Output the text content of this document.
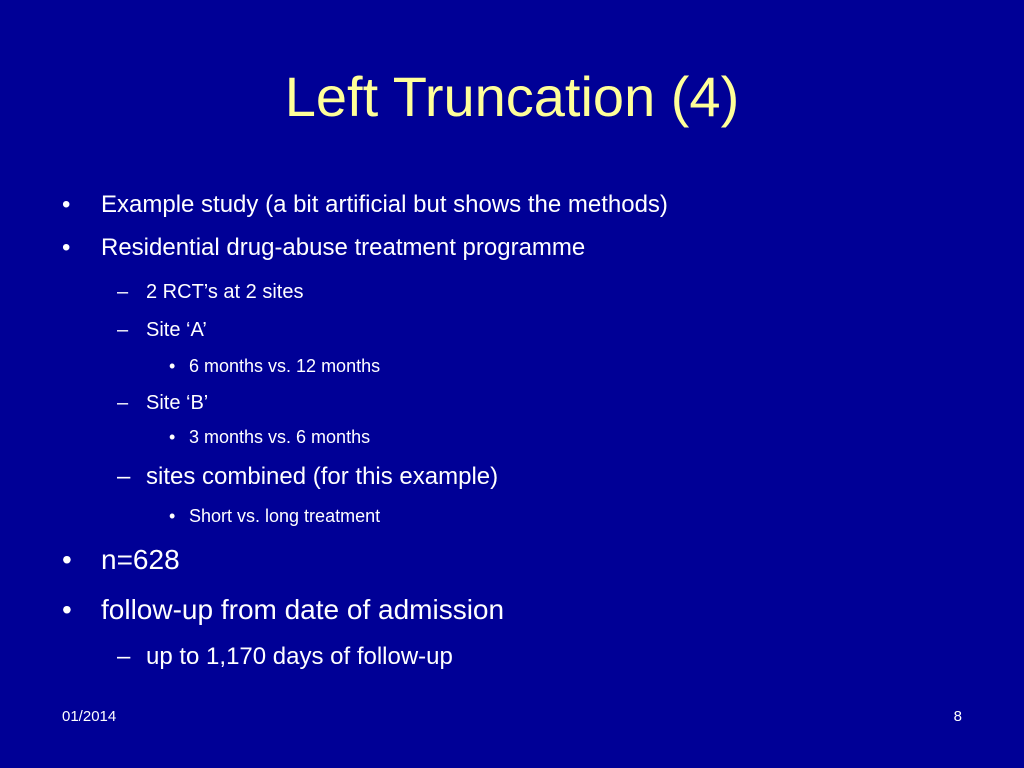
Left Truncation (4)
• Example study (a bit artificial but shows the methods)
• Residential drug-abuse treatment programme
– 2 RCT’s at 2 sites
– Site ‘A’
• 6 months vs. 12 months
– Site ‘B’
• 3 months vs. 6 months
– sites combined (for this example)
• Short vs. long treatment
• n=628
• follow-up from date of admission
– up to 1,170 days of follow-up
01/2014	8
